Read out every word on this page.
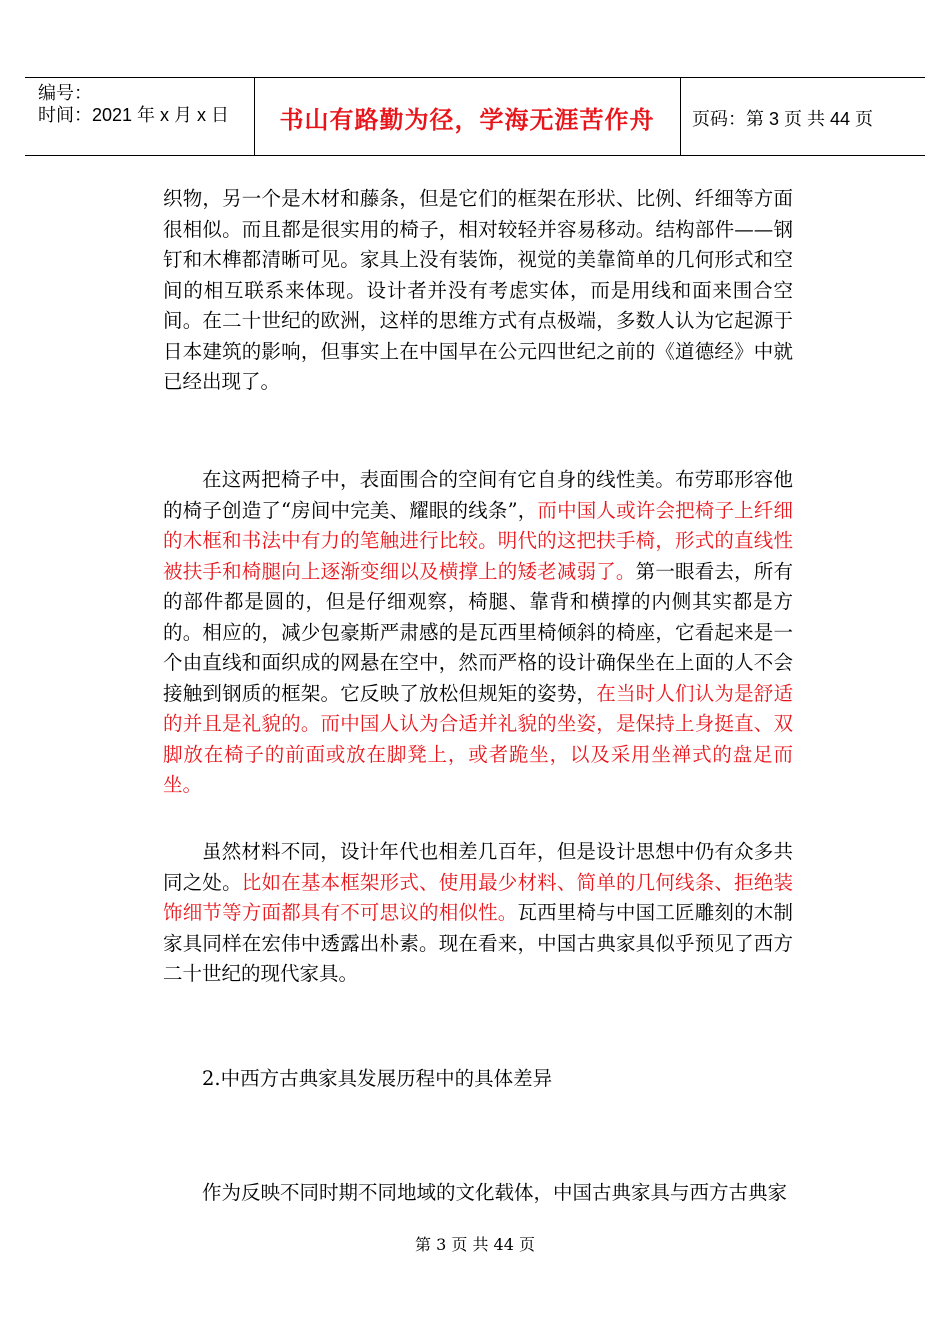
编号：
时间：2021 年 x 月 x 日	书山有路勤为径，学海无涯苦作舟	页码：第 3 页 共 44 页

织物，另一个是木材和藤条，但是它们的框架在形状、比例、纤细等方面很相似。而且都是很实用的椅子，相对较轻并容易移动。结构部件——钢钉和木榫都清晰可见。家具上没有装饰，视觉的美靠简单的几何形式和空间的相互联系来体现。设计者并没有考虑实体，而是用线和面来围合空间。在二十世纪的欧洲，这样的思维方式有点极端，多数人认为它起源于日本建筑的影响，但事实上在中国早在公元四世纪之前的《道德经》中就已经出现了。

在这两把椅子中，表面围合的空间有它自身的线性美。布劳耶形容他的椅子创造了“房间中完美、耀眼的线条”，而中国人或许会把椅子上纤细的木框和书法中有力的笔触进行比较。明代的这把扶手椅，形式的直线性被扶手和椅腿向上逐渐变细以及横撑上的矮老减弱了。第一眼看去，所有的部件都是圆的，但是仔细观察，椅腿、靠背和横撑的内侧其实都是方的。相应的，减少包豪斯严肃感的是瓦西里椅倾斜的椅座，它看起来是一个由直线和面织成的网悬在空中，然而严格的设计确保坐在上面的人不会接触到钢质的框架。它反映了放松但规矩的姿势，在当时人们认为是舒适的并且是礼貌的。而中国人认为合适并礼貌的坐姿，是保持上身挺直、双脚放在椅子的前面或放在脚凳上，或者跪坐，以及采用坐禅式的盘足而坐。

虽然材料不同，设计年代也相差几百年，但是设计思想中仍有众多共同之处。比如在基本框架形式、使用最少材料、简单的几何线条、拒绝装饰细节等方面都具有不可思议的相似性。瓦西里椅与中国工匠雕刻的木制家具同样在宏伟中透露出朴素。现在看来，中国古典家具似乎预见了西方二十世纪的现代家具。

2.中西方古典家具发展历程中的具体差异

作为反映不同时期不同地域的文化载体，中国古典家具与西方古典家

第 3 页 共 44 页
